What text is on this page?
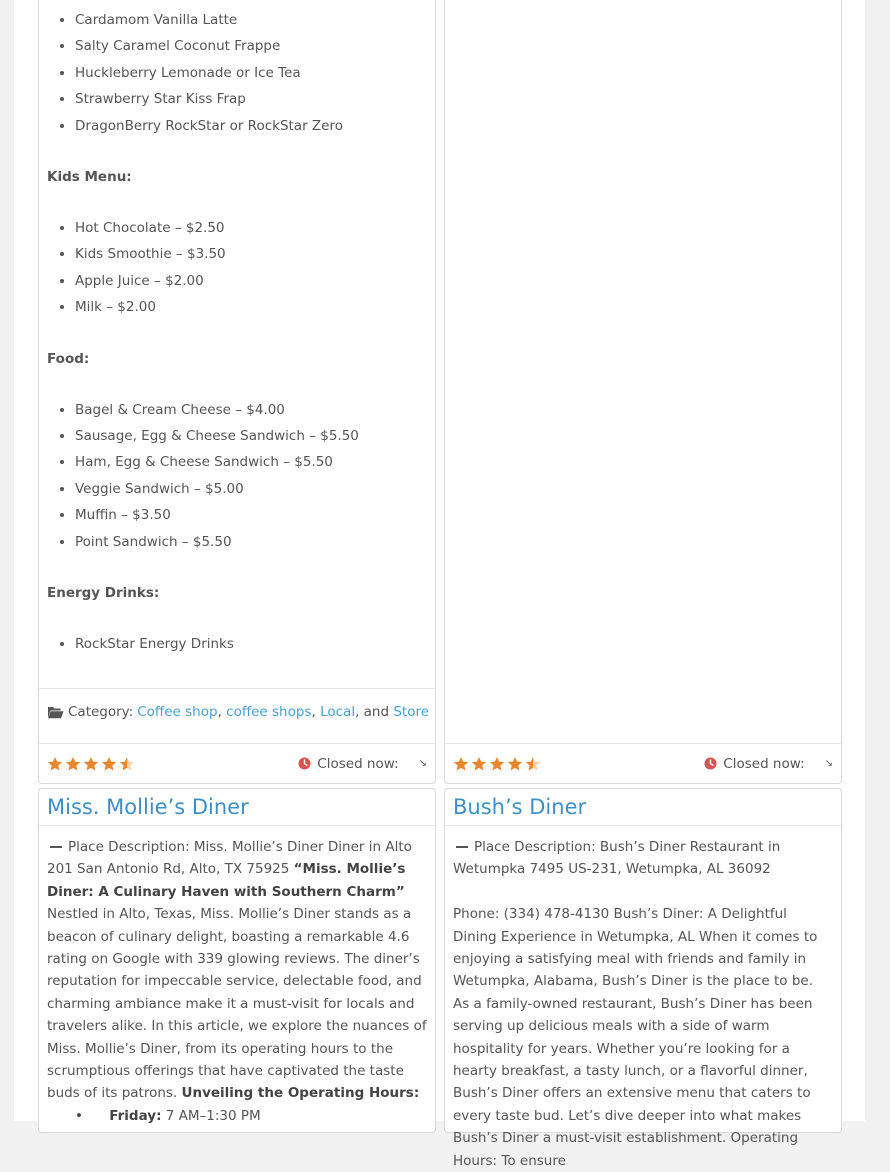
• Cardamom Vanilla Latte
• Salty Caramel Coconut Frappe
• Huckleberry Lemonade or Ice Tea
• Strawberry Star Kiss Frap
• DragonBerry RockStar or RockStar Zero
Kids Menu:
• Hot Chocolate – $2.50
• Kids Smoothie – $3.50
• Apple Juice – $2.00
• Milk – $2.00
Food:
• Bagel & Cream Cheese – $4.00
• Sausage, Egg & Cheese Sandwich – $5.50
• Ham, Egg & Cheese Sandwich – $5.50
• Veggie Sandwich – $5.00
• Muffin – $3.50
• Point Sandwich – $5.50
Energy Drinks:
• RockStar Energy Drinks
Category: Coffee shop , coffee shops , Local , and
Store
Closed now: ↘	Closed now: ↘
Miss. Mollie’s Diner
Place Description: Miss. Mollie’s Diner Diner in Alto 201 San Antonio Rd, Alto, TX 75925 “Miss. Mollie’s Diner: A Culinary Haven with Southern Charm” Nestled in Alto, Texas, Miss. Mollie’s Diner stands as a beacon of culinary delight, boasting a remarkable 4.6 rating on Google with 339 glowing reviews. The diner’s reputation for impeccable service, delectable food, and charming ambiance make it a must-visit for locals and travelers alike. In this article, we explore the nuances of Miss. Mollie’s Diner, from its operating hours to the scrumptious offerings that have captivated the taste buds of its patrons. Unveiling the Operating Hours:
• Friday: 7 AM–1:30 PM
Bush’s Diner
Place Description: Bush’s Diner Restaurant in Wetumpka 7495 US-231, Wetumpka, AL 36092
Phone: (334) 478-4130 Bush’s Diner: A Delightful Dining Experience in Wetumpka, AL When it comes to enjoying a satisfying meal with friends and family in Wetumpka, Alabama, Bush’s Diner is the place to be. As a family-owned restaurant, Bush’s Diner has been serving up delicious meals with a side of warm hospitality for years. Whether you’re looking for a hearty breakfast, a tasty lunch, or a flavorful dinner, Bush’s Diner offers an extensive menu that caters to every taste bud. Let’s dive deeper into what makes Bush’s Diner a must-visit establishment. Operating Hours: To ensure
